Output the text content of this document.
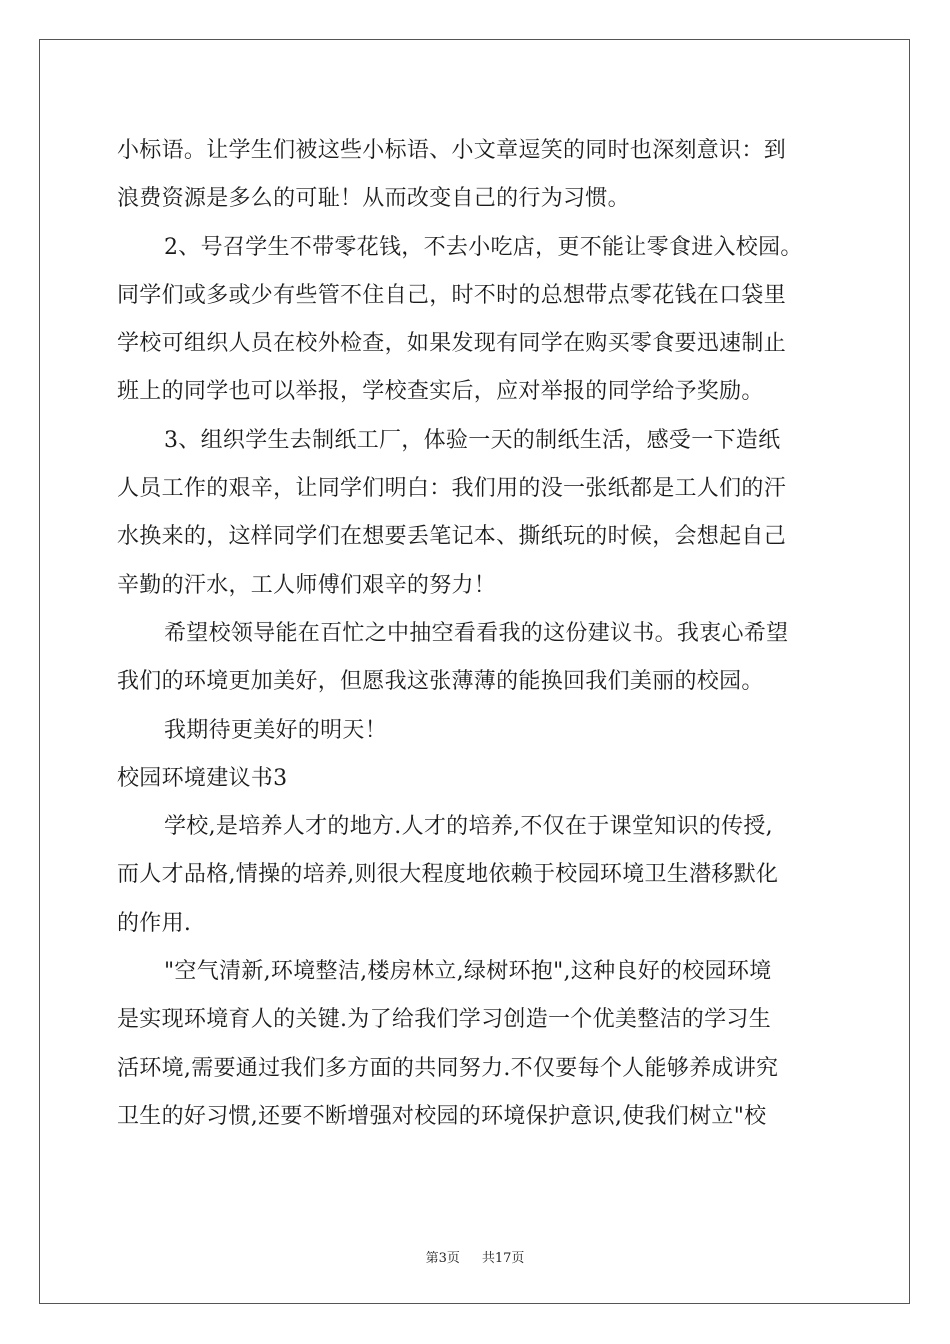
小标语。让学生们被这些小标语、小文章逗笑的同时也深刻意识：到
浪费资源是多么的可耻！从而改变自己的行为习惯。
2、号召学生不带零花钱，不去小吃店，更不能让零食进入校园。
同学们或多或少有些管不住自己，时不时的总想带点零花钱在口袋里
学校可组织人员在校外检查，如果发现有同学在购买零食要迅速制止
班上的同学也可以举报，学校查实后，应对举报的同学给予奖励。
3、组织学生去制纸工厂，体验一天的制纸生活，感受一下造纸
人员工作的艰辛，让同学们明白：我们用的没一张纸都是工人们的汗
水换来的，这样同学们在想要丢笔记本、撕纸玩的时候，会想起自己
辛勤的汗水，工人师傅们艰辛的努力！
希望校领导能在百忙之中抽空看看我的这份建议书。我衷心希望
我们的环境更加美好，但愿我这张薄薄的能换回我们美丽的校园。
我期待更美好的明天！
校园环境建议书3
学校,是培养人才的地方.人才的培养,不仅在于课堂知识的传授,
而人才品格,情操的培养,则很大程度地依赖于校园环境卫生潜移默化
的作用.
"空气清新,环境整洁,楼房林立,绿树环抱",这种良好的校园环境
是实现环境育人的关键.为了给我们学习创造一个优美整洁的学习生
活环境,需要通过我们多方面的共同努力.不仅要每个人能够养成讲究
卫生的好习惯,还要不断增强对校园的环境保护意识,使我们树立"校
第3页 共17页
